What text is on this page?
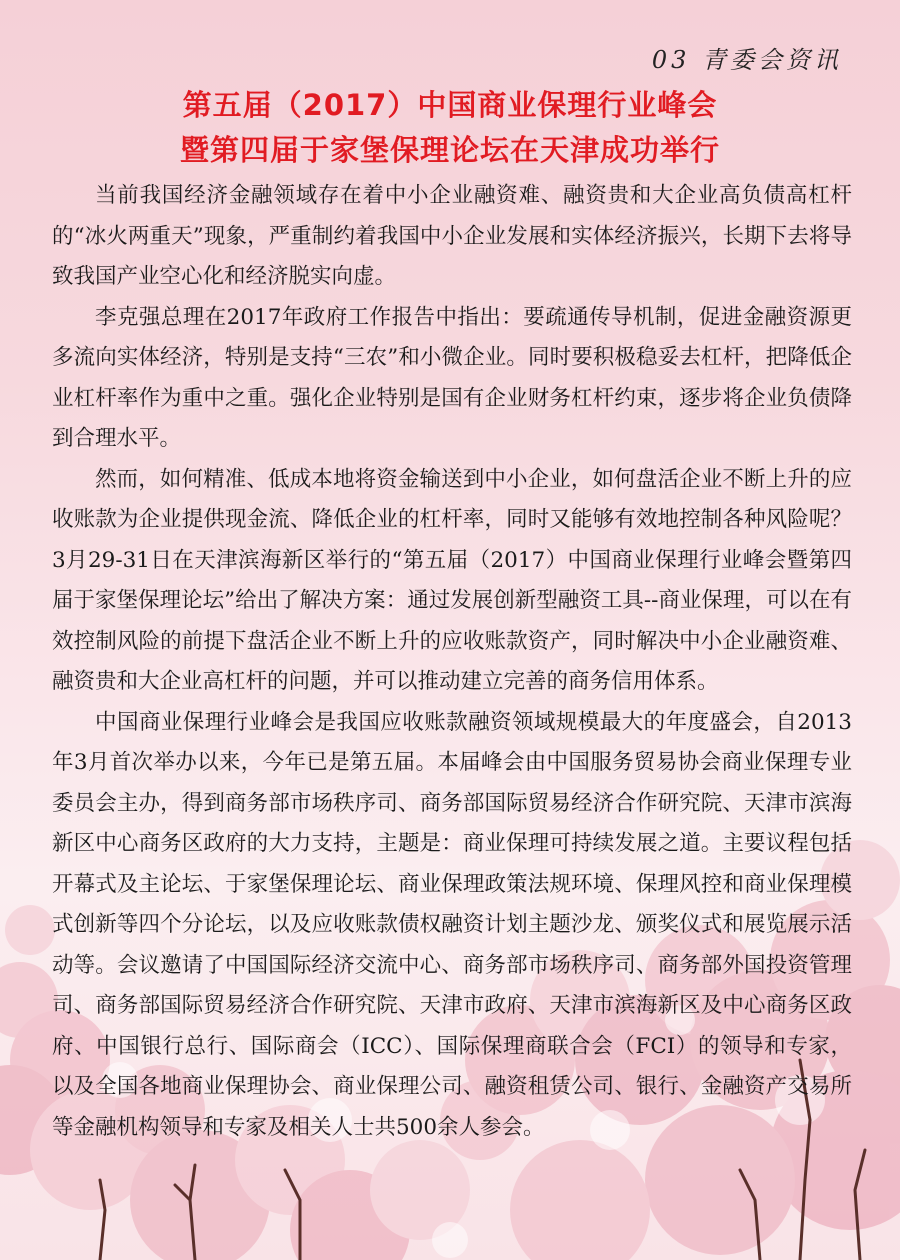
03 青委会资讯
第五届（2017）中国商业保理行业峰会
暨第四届于家堡保理论坛在天津成功举行

当前我国经济金融领域存在着中小企业融资难、融资贵和大企业高负债高杠杆的“冰火两重天”现象，严重制约着我国中小企业发展和实体经济振兴，长期下去将导致我国产业空心化和经济脱实向虚。

李克强总理在2017年政府工作报告中指出：要疏通传导机制，促进金融资源更多流向实体经济，特别是支持“三农”和小微企业。同时要积极稳妥去杠杆，把降低企业杠杆率作为重中之重。强化企业特别是国有企业财务杠杆约束，逐步将企业负债降到合理水平。

然而，如何精准、低成本地将资金输送到中小企业，如何盘活企业不断上升的应收账款为企业提供现金流、降低企业的杠杆率，同时又能够有效地控制各种风险呢？3月29-31日在天津滨海新区举行的“第五届（2017）中国商业保理行业峰会暨第四届于家堡保理论坛”给出了解决方案：通过发展创新型融资工具--商业保理，可以在有效控制风险的前提下盘活企业不断上升的应收账款资产，同时解决中小企业融资难、融资贵和大企业高杠杆的问题，并可以推动建立完善的商务信用体系。

中国商业保理行业峰会是我国应收账款融资领域规模最大的年度盛会，自2013年3月首次举办以来，今年已是第五届。本届峰会由中国服务贸易协会商业保理专业委员会主办，得到商务部市场秩序司、商务部国际贸易经济合作研究院、天津市滨海新区中心商务区政府的大力支持，主题是：商业保理可持续发展之道。主要议程包括开幕式及主论坛、于家堡保理论坛、商业保理政策法规环境、保理风控和商业保理模式创新等四个分论坛，以及应收账款债权融资计划主题沙龙、颁奖仪式和展览展示活动等。会议邀请了中国国际经济交流中心、商务部市场秩序司、商务部外国投资管理司、商务部国际贸易经济合作研究院、天津市政府、天津市滨海新区及中心商务区政府、中国银行总行、国际商会（ICC）、国际保理商联合会（FCI）的领导和专家，以及全国各地商业保理协会、商业保理公司、融资租赁公司、银行、金融资产交易所等金融机构领导和专家及相关人士共500余人参会。
